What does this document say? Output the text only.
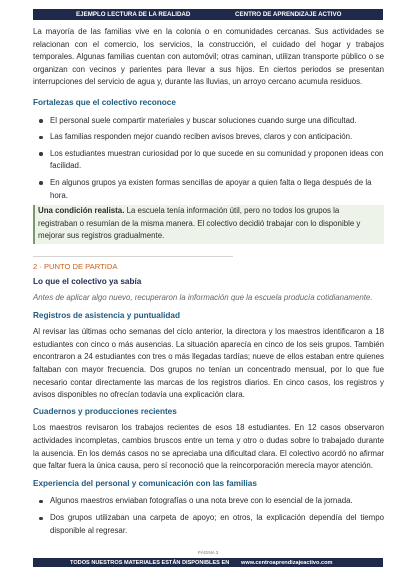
EJEMPLO LECTURA DE LA REALIDAD	CENTRO DE APRENDIZAJE ACTIVO

La mayoría de las familias vive en la colonia o en comunidades cercanas. Sus actividades se relacionan con el comercio, los servicios, la construcción, el cuidado del hogar y trabajos temporales. Algunas familias cuentan con automóvil; otras caminan, utilizan transporte público o se organizan con vecinos y parientes para llevar a sus hijos. En ciertos periodos se presentan interrupciones del servicio de agua y, durante las lluvias, un arroyo cercano acumula residuos.

Fortalezas que el colectivo reconoce

El personal suele compartir materiales y buscar soluciones cuando surge una dificultad.
Las familias responden mejor cuando reciben avisos breves, claros y con anticipación.
Los estudiantes muestran curiosidad por lo que sucede en su comunidad y proponen ideas con facilidad.
En algunos grupos ya existen formas sencillas de apoyar a quien falta o llega después de la hora.
Una condición realista. La escuela tenía información útil, pero no todos los grupos la registraban o resumían de la misma manera. El colectivo decidió trabajar con lo disponible y mejorar sus registros gradualmente.

2 · PUNTO DE PARTIDA

Lo que el colectivo ya sabía

Antes de aplicar algo nuevo, recuperaron la información que la escuela producía cotidianamente.

Registros de asistencia y puntualidad

Al revisar las últimas ocho semanas del ciclo anterior, la directora y los maestros identificaron a 18 estudiantes con cinco o más ausencias. La situación aparecía en cinco de los seis grupos. También encontraron a 24 estudiantes con tres o más llegadas tardías; nueve de ellos estaban entre quienes faltaban con mayor frecuencia. Dos grupos no tenían un concentrado mensual, por lo que fue necesario contar directamente las marcas de los registros diarios. En cinco casos, los registros y avisos disponibles no ofrecían todavía una explicación clara.

Cuadernos y producciones recientes

Los maestros revisaron los trabajos recientes de esos 18 estudiantes. En 12 casos observaron actividades incompletas, cambios bruscos entre un tema y otro o dudas sobre lo trabajado durante la ausencia. En los demás casos no se apreciaba una dificultad clara. El colectivo acordó no afirmar que faltar fuera la única causa, pero sí reconoció que la reincorporación merecía mayor atención.

Experiencia del personal y comunicación con las familias

Algunos maestros enviaban fotografías o una nota breve con lo esencial de la jornada.
Dos grupos utilizaban una carpeta de apoyo; en otros, la explicación dependía del tiempo disponible al regresar.
PÁGINA 3
TODOS NUESTROS MATERIALES ESTÁN DISPONIBLES EN www.centroaprendizajeactivo.com
